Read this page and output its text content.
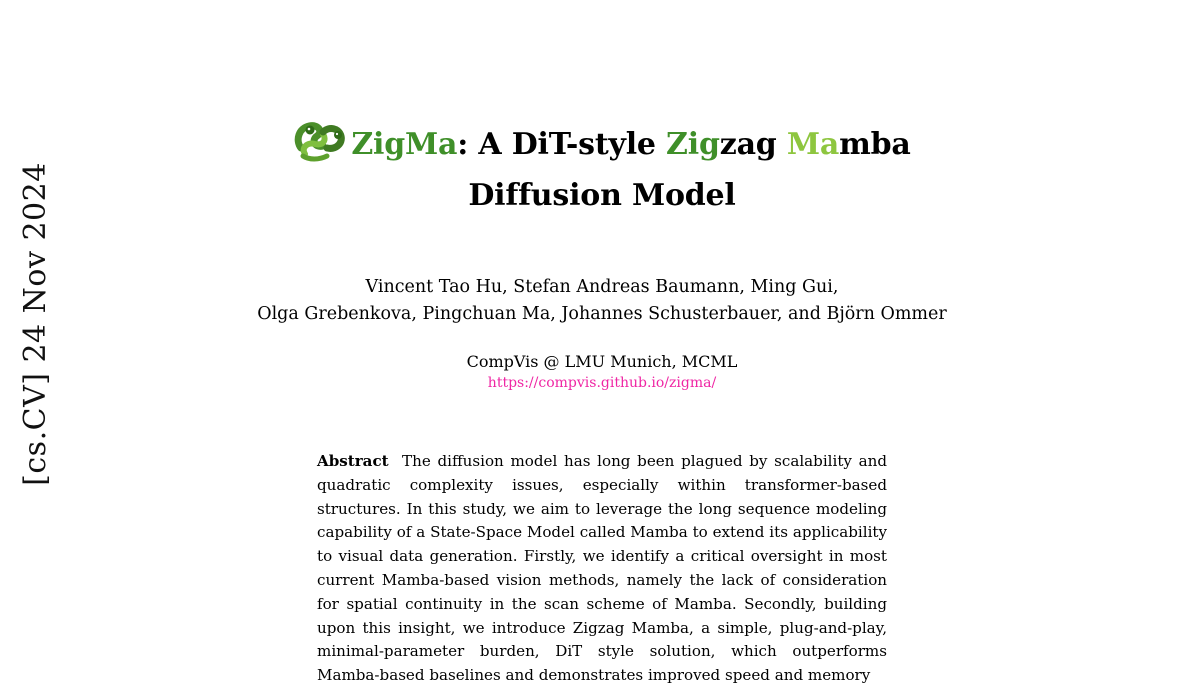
[cs.CV] 24 Nov 2024
ZigMa: A DiT-style Zigzag Mamba Diffusion Model
Vincent Tao Hu, Stefan Andreas Baumann, Ming Gui,
Olga Grebenkova, Pingchuan Ma, Johannes Schusterbauer, and Björn Ommer
CompVis @ LMU Munich, MCML
https://compvis.github.io/zigma/
Abstract The diffusion model has long been plagued by scalability and quadratic complexity issues, especially within transformer-based structures. In this study, we aim to leverage the long sequence modeling capability of a State-Space Model called Mamba to extend its applicability to visual data generation. Firstly, we identify a critical oversight in most current Mamba-based vision methods, namely the lack of consideration for spatial continuity in the scan scheme of Mamba. Secondly, building upon this insight, we introduce Zigzag Mamba, a simple, plug-and-play, minimal-parameter burden, DiT style solution, which outperforms Mamba-based baselines and demonstrates improved speed and memory
